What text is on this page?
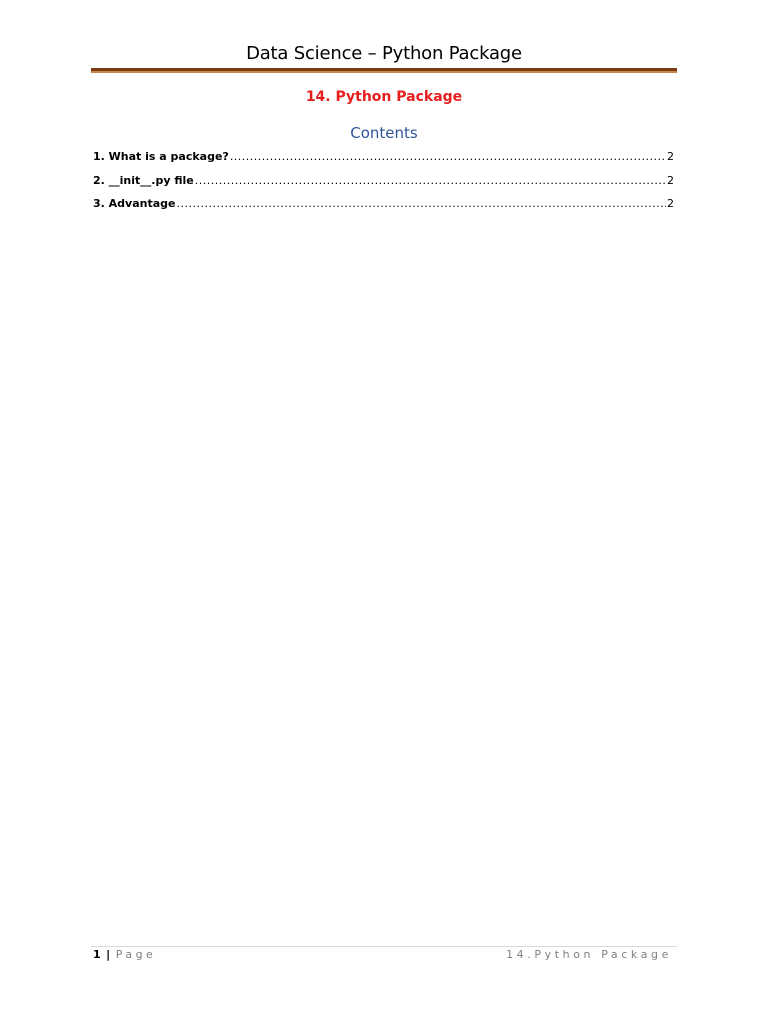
Data Science – Python Package
14. Python Package
Contents
1. What is a package? .....	2
2. __init__.py file .....	2
3. Advantage .....	2
1 | Page	14.Python Package
